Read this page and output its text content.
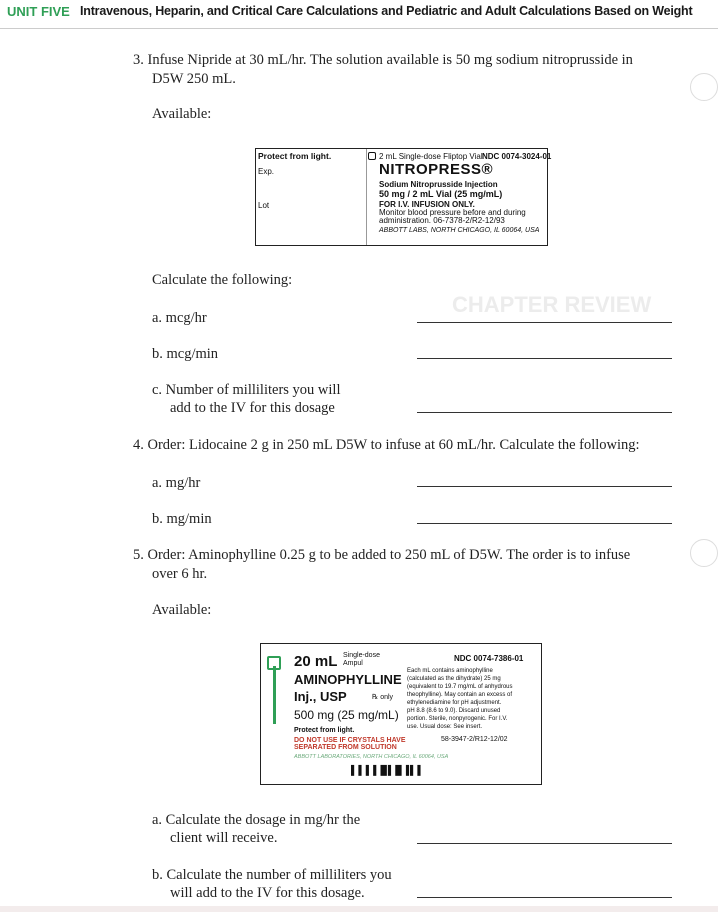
UNIT FIVE Intravenous, Heparin, and Critical Care Calculations and Pediatric and Adult Calculations Based on Weight
CHAPTER REVIEW
3. Infuse Nipride at 30 mL/hr. The solution available is 50 mg sodium nitroprusside in
D5W 250 mL.
Available:
Protect from light.
Exp.
Lot
2 mL Single-dose Fliptop Vial NDC 0074-3024-01
NITROPRESS®
Sodium Nitroprusside Injection
50 mg / 2 mL Vial (25 mg/mL)
FOR I.V. INFUSION ONLY.
Monitor blood pressure before and during
administration. 06-7378-2/R2-12/93
ABBOTT LABS, NORTH CHICAGO, IL 60064, USA
Calculate the following:
a. mcg/hr
b. mcg/min
c. Number of milliliters you will
add to the IV for this dosage
4. Order: Lidocaine 2 g in 250 mL D5W to infuse at 60 mL/hr. Calculate the following:
a. mg/hr
b. mg/min
5. Order: Aminophylline 0.25 g to be added to 250 mL of D5W. The order is to infuse
over 6 hr.
Available:
20 mL Single-dose
Ampul
NDC 0074-7386-01
AMINOPHYLLINE
Inj., USP	℞ only
500 mg (25 mg/mL)
Protect from light.
DO NOT USE IF CRYSTALS HAVE
SEPARATED FROM SOLUTION
ABBOTT LABORATORIES, NORTH CHICAGO, IL 60064, USA
Each mL contains aminophylline
(calculated as the dihydrate) 25 mg
(equivalent to 19.7 mg/mL of anhydrous
theophylline). May contain an excess of
ethylenediamine for pH adjustment.
pH 8.8 (8.6 to 9.0). Discard unused
portion. Sterile, nonpyrogenic. For I.V.
use. Usual dose: See insert.
58-3947-2/R12-12/02
▌▌▌▌█▌█▐▌▌
a. Calculate the dosage in mg/hr the
client will receive.
b. Calculate the number of milliliters you
will add to the IV for this dosage.
